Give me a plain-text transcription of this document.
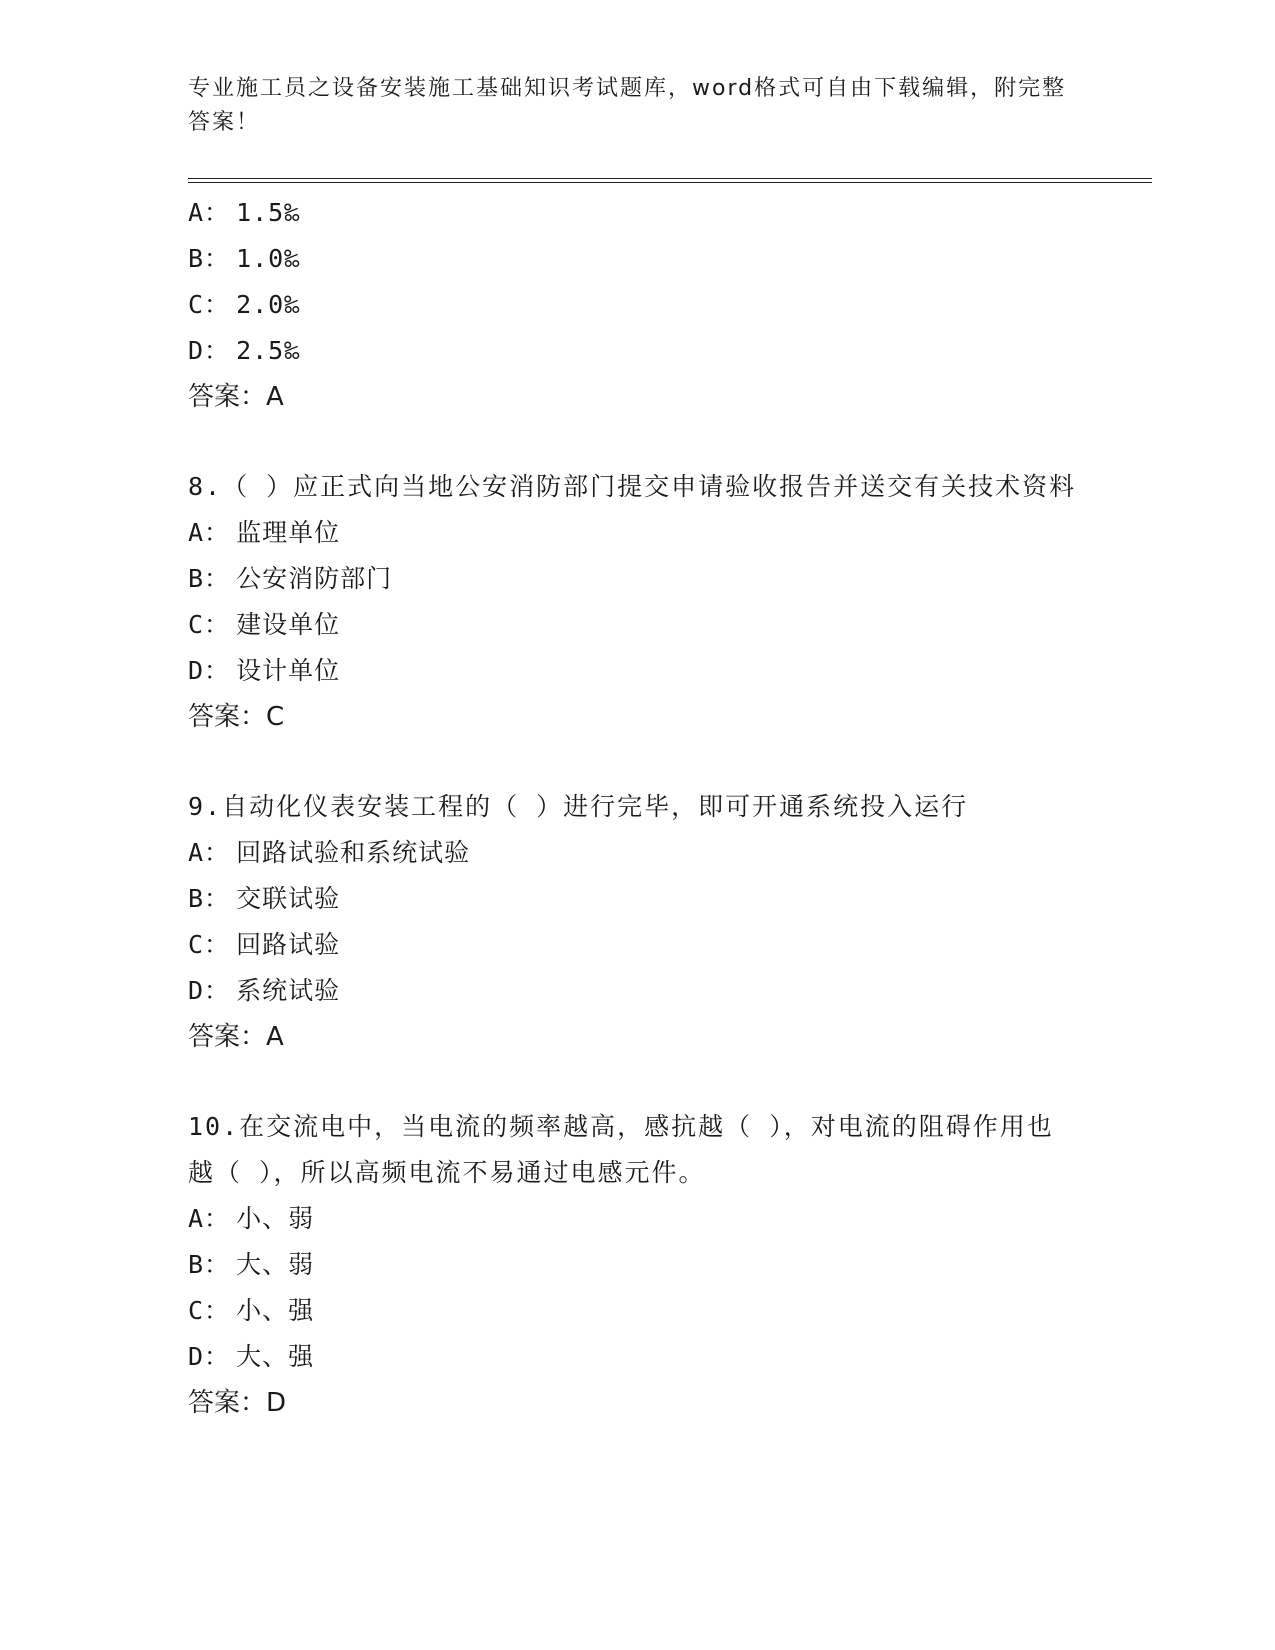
专业施工员之设备安装施工基础知识考试题库，word格式可自由下载编辑，附完整答案！
A： 1.5‰
B： 1.0‰
C： 2.0‰
D： 2.5‰
答案：A
8.（ ）应正式向当地公安消防部门提交申请验收报告并送交有关技术资料
A： 监理单位
B： 公安消防部门
C： 建设单位
D： 设计单位
答案：C
9.自动化仪表安装工程的（ ）进行完毕，即可开通系统投入运行
A： 回路试验和系统试验
B： 交联试验
C： 回路试验
D： 系统试验
答案：A
10.在交流电中，当电流的频率越高，感抗越（ ），对电流的阻碍作用也越（ ），所以高频电流不易通过电感元件。
A： 小、弱
B： 大、弱
C： 小、强
D： 大、强
答案：D
